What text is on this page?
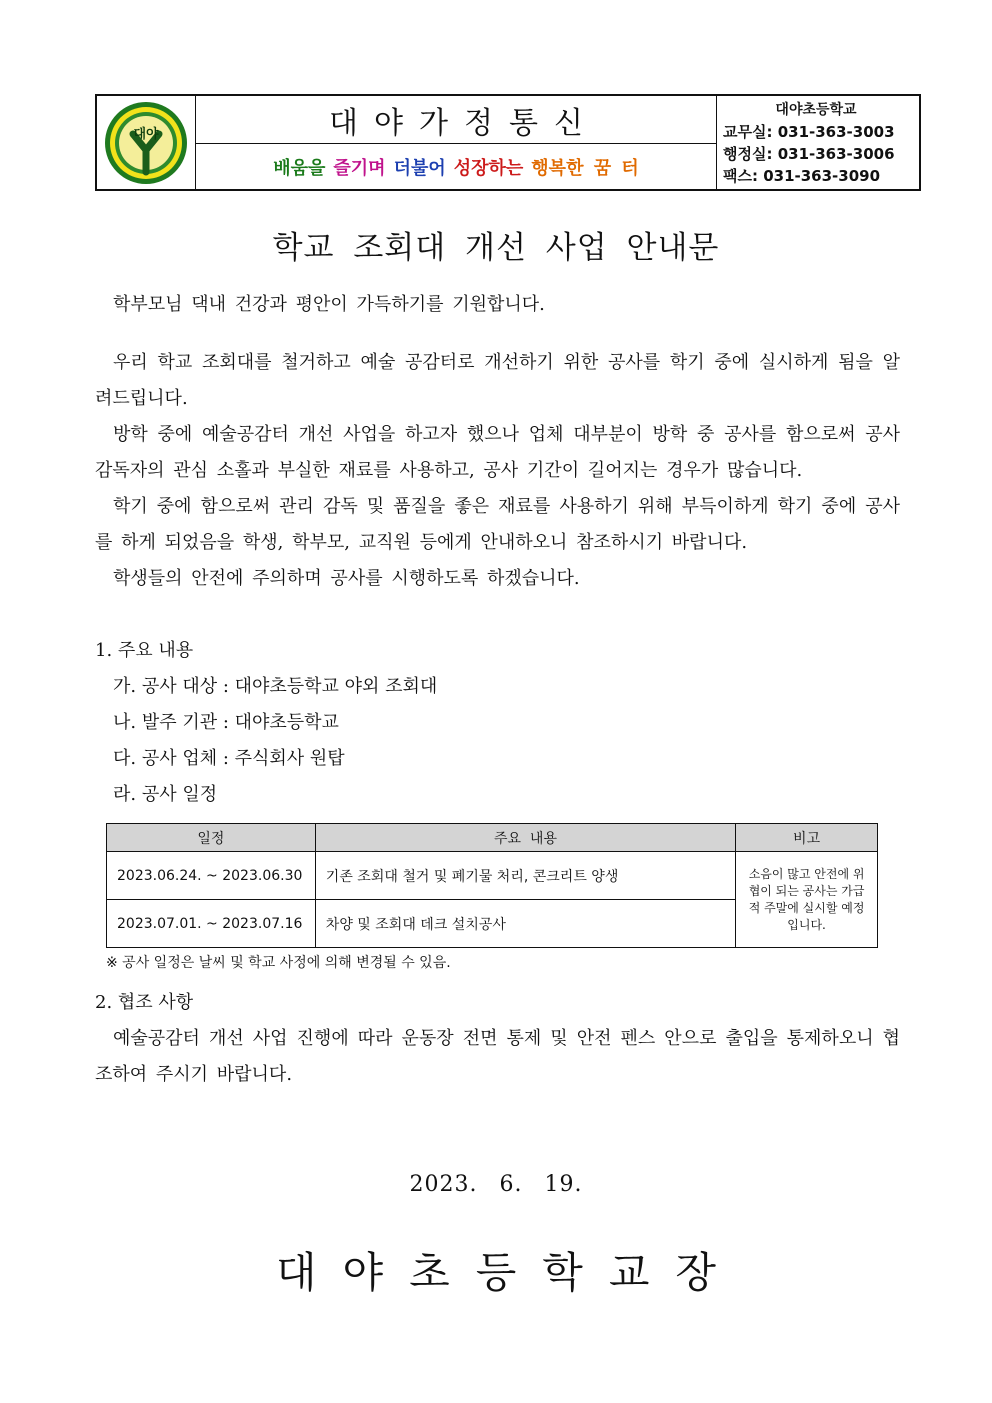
대야	대야가정통신
배움을 즐기며 더불어 성장하는 행복한 꿈 터
대야초등학교
교무실: 031-363-3003
행정실: 031-363-3006
팩스: 031-363-3090
학교 조회대 개선 사업 안내문
학부모님 댁내 건강과 평안이 가득하기를 기원합니다.
우리 학교 조회대를 철거하고 예술 공감터로 개선하기 위한 공사를 학기 중에 실시하게 됨을 알려드립니다.
방학 중에 예술공감터 개선 사업을 하고자 했으나 업체 대부분이 방학 중 공사를 함으로써 공사 감독자의 관심 소홀과 부실한 재료를 사용하고, 공사 기간이 길어지는 경우가 많습니다.
학기 중에 함으로써 관리 감독 및 품질을 좋은 재료를 사용하기 위해 부득이하게 학기 중에 공사를 하게 되었음을 학생, 학부모, 교직원 등에게 안내하오니 참조하시기 바랍니다.
학생들의 안전에 주의하며 공사를 시행하도록 하겠습니다.
1. 주요 내용
가. 공사 대상 : 대야초등학교 야외 조회대
나. 발주 기관 : 대야초등학교
다. 공사 업체 : 주식회사 원탑
라. 공사 일정
일정	주요  내용	비고
2023.06.24. ~ 2023.06.30	기존 조회대 철거 및 폐기물 처리, 콘크리트 양생	소음이 많고 안전에 위협이 되는 공사는 가급적 주말에 실시할 예정입니다.
2023.07.01. ~ 2023.07.16	차양 및 조회대 데크 설치공사	
※ 공사 일정은 날씨 및 학교 사정에 의해 변경될 수 있음.
2. 협조 사항
예술공감터 개선 사업 진행에 따라 운동장 전면 통제 및 안전 펜스 안으로 출입을 통제하오니 협조하여 주시기 바랍니다.
2023. 6. 19.
대야초등학교장
